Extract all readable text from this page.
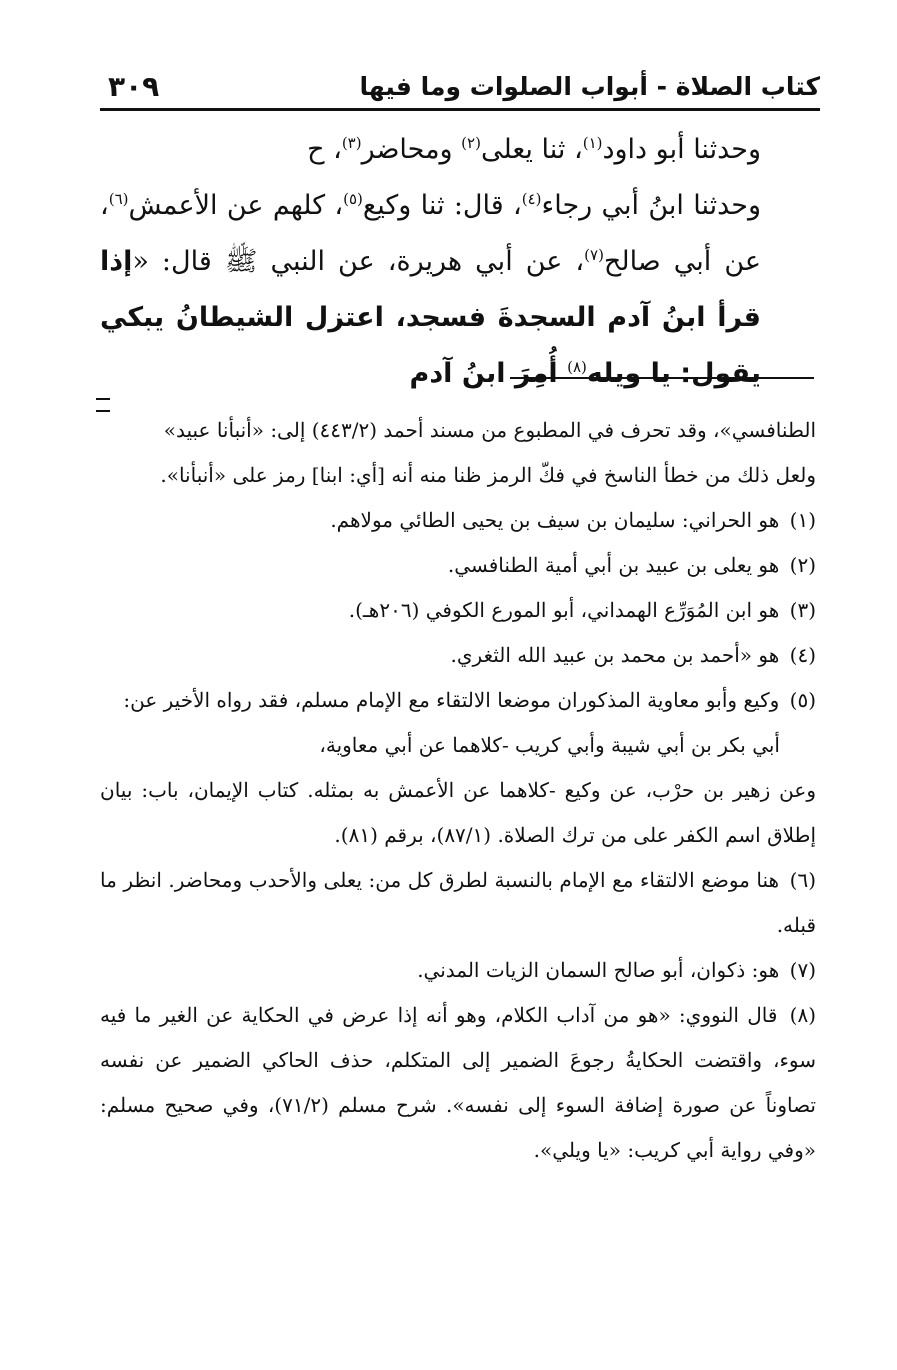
كتاب الصلاة - أبواب الصلوات وما فيها
٣٠٩

وحدثنا أبو داود$^{(١)}$، ثنا يعلى$^{(٢)}$ ومحاضر$^{(٣)}$، ح

وحدثنا ابنُ أبي رجاء$^{(٤)}$، قال: ثنا وكيع$^{(٥)}$، كلهم عن الأعمش$^{(٦)}$، عن أبي صالح$^{(٧)}$، عن أبي هريرة، عن النبي ﷺ قال: «إذا قرأ ابنُ آدم السجدةَ فسجد، اعتزل الشيطانُ يبكي يقول: يا ويله$^{(٨)}$ أُمِرَ ابنُ آدم

الطنافسي»، وقد تحرف في المطبوع من مسند أحمد (٤٤٣/٢) إلى: «أنبأنا عبيد»

ولعل ذلك من خطأ الناسخ في فكّ الرمز ظنا منه أنه [أي: ابنا] رمز على «أنبأنا».

(١) هو الحراني: سليمان بن سيف بن يحيى الطائي مولاهم.

(٢) هو يعلى بن عبيد بن أبي أمية الطنافسي.

(٣) هو ابن المُوَرِّع الهمداني، أبو المورع الكوفي (٢٠٦هـ).

(٤) هو «أحمد بن محمد بن عبيد الله الثغري.

(٥) وكيع وأبو معاوية المذكوران موضعا الالتقاء مع الإمام مسلم، فقد رواه الأخير عن:

أبي بكر بن أبي شيبة وأبي كريب -كلاهما عن أبي معاوية،

وعن زهير بن حرْب، عن وكيع -كلاهما عن الأعمش به بمثله. كتاب الإيمان، باب: بيان إطلاق اسم الكفر على من ترك الصلاة. (٨٧/١)، برقم (٨١).

(٦) هنا موضع الالتقاء مع الإمام بالنسبة لطرق كل من: يعلى والأحدب ومحاضر. انظر ما قبله.

(٧) هو: ذكوان، أبو صالح السمان الزيات المدني.

(٨) قال النووي: «هو من آداب الكلام، وهو أنه إذا عرض في الحكاية عن الغير ما فيه سوء، واقتضت الحكايةُ رجوعَ الضمير إلى المتكلم، حذف الحاكي الضمير عن نفسه تصاوناً عن صورة إضافة السوء إلى نفسه». شرح مسلم (٧١/٢)، وفي صحيح مسلم: «وفي رواية أبي كريب: «يا ويلي».
